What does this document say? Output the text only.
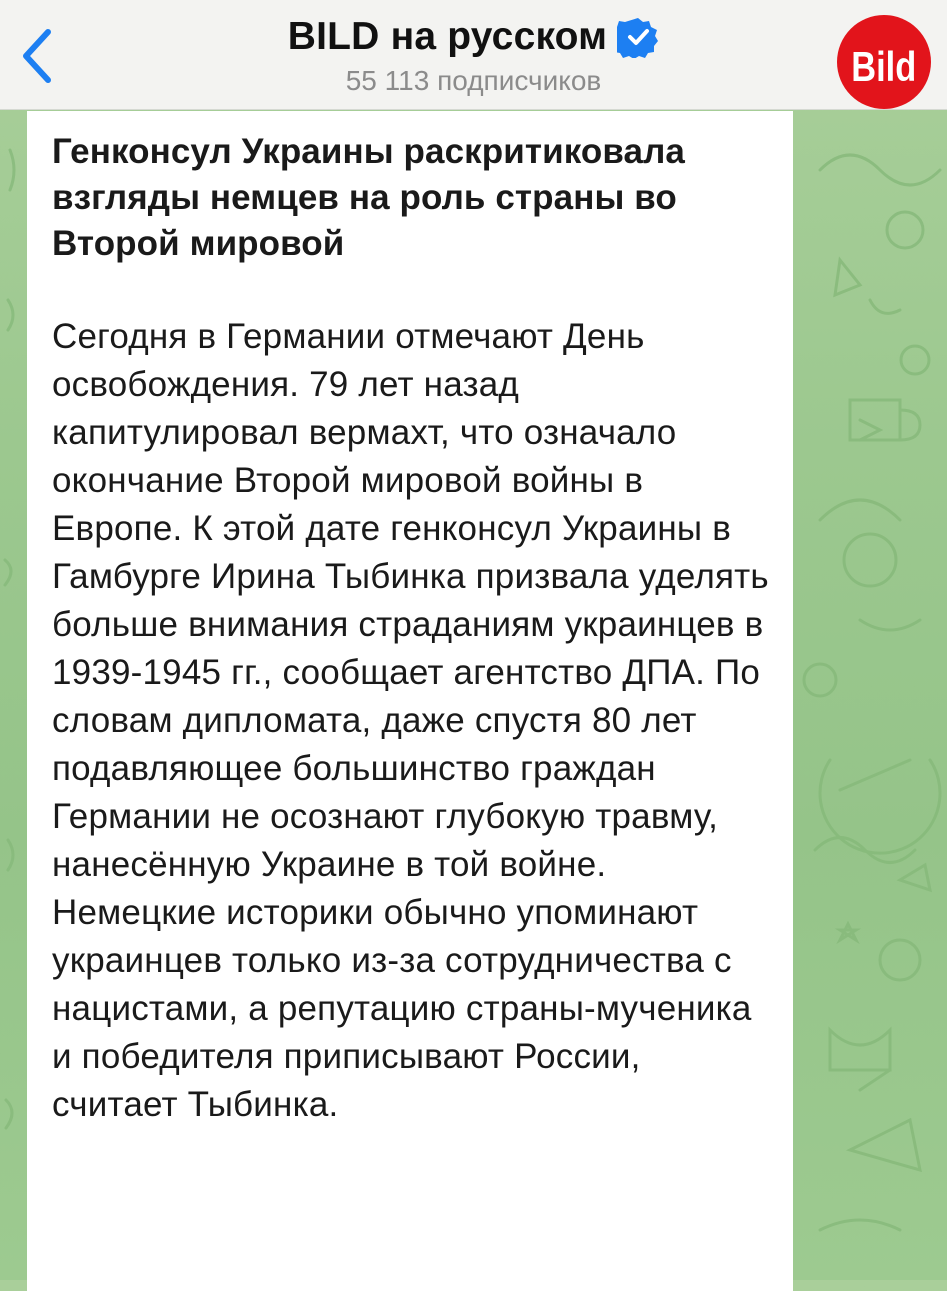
BILD на русском
55 113 подписчиков	Bild

Генконсул Украины раскритиковала взгляды немцев на роль страны во Второй мировой

Сегодня в Германии отмечают День освобождения. 79 лет назад капитулировал вермахт, что означало окончание Второй мировой войны в Европе. К этой дате генконсул Украины в Гамбурге Ирина Тыбинка призвала уделять больше внимания страданиям украинцев в 1939-1945 гг., сообщает агентство ДПА. По словам дипломата, даже спустя 80 лет подавляющее большинство граждан Германии не осознают глубокую травму, нанесённую Украине в той войне. Немецкие историки обычно упоминают украинцев только из-за сотрудничества с нацистами, а репутацию страны-мученика и победителя приписывают России, считает Тыбинка.
